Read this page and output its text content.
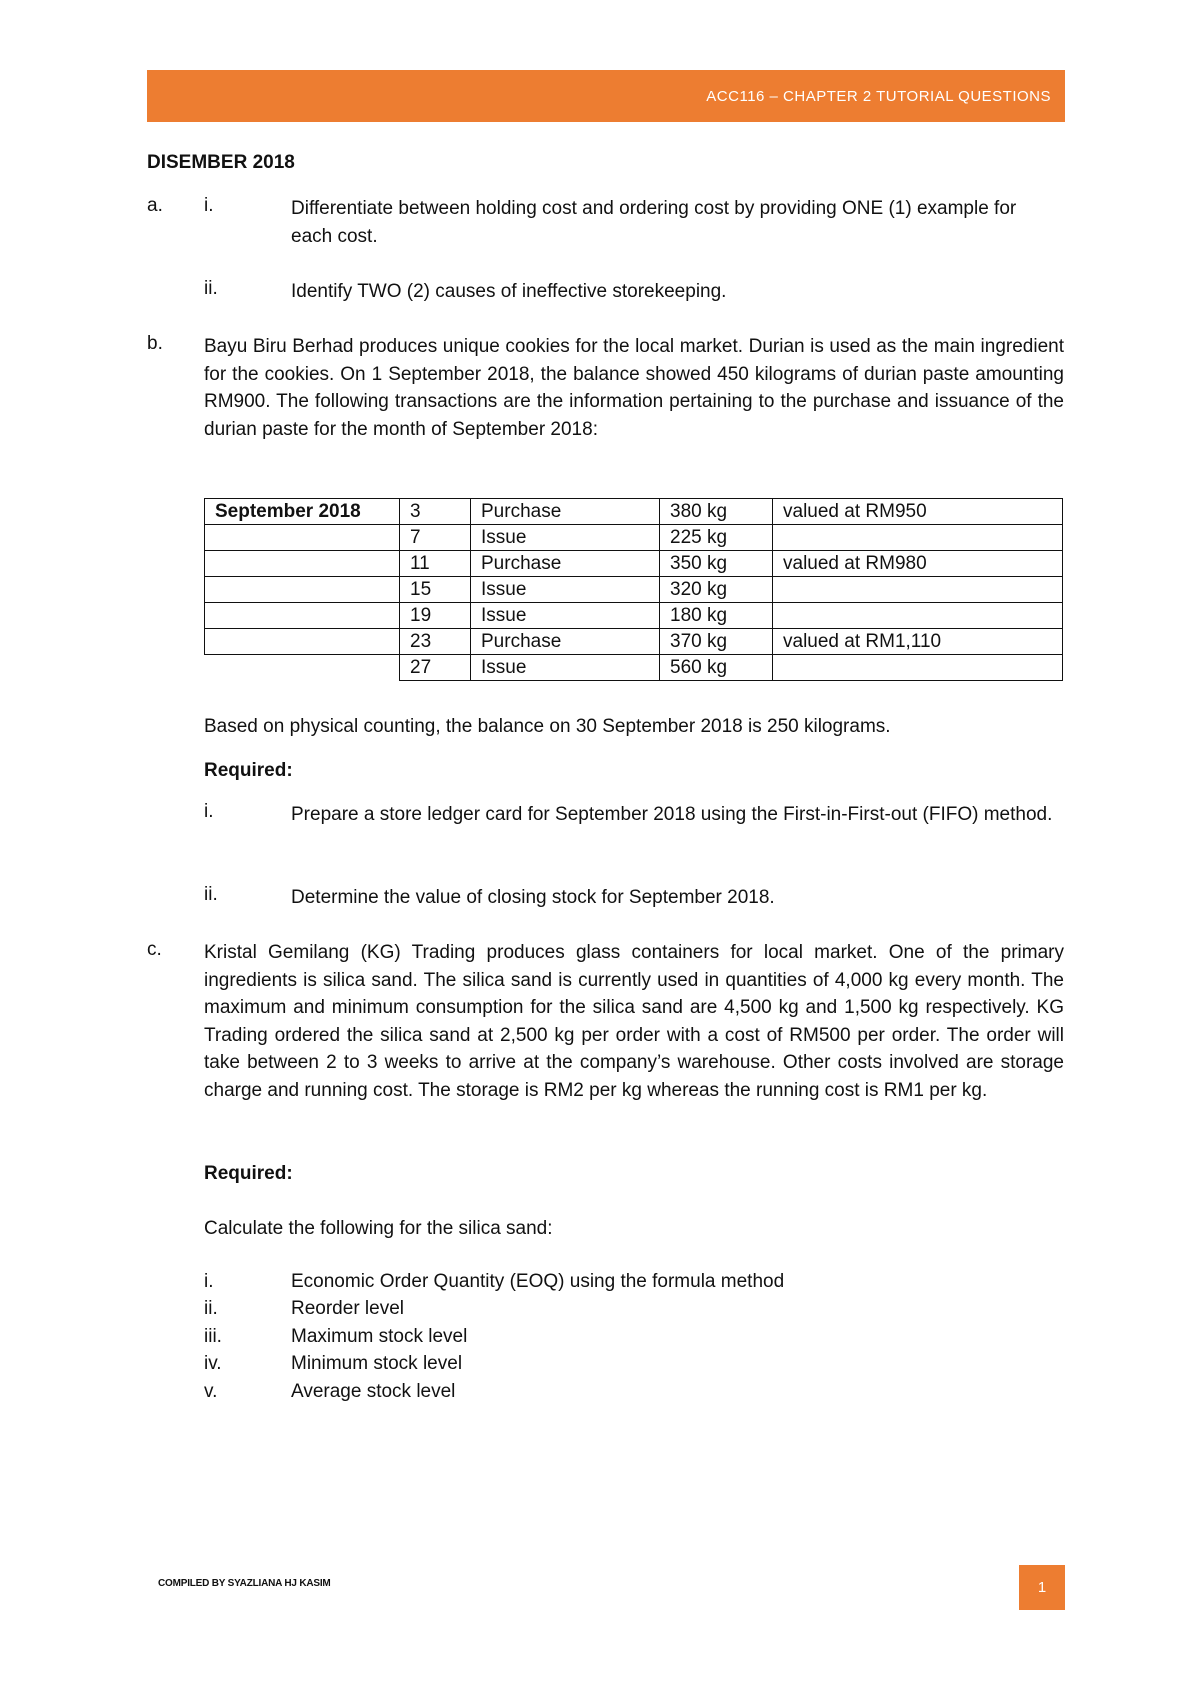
ACC116 – CHAPTER 2 TUTORIAL QUESTIONS
DISEMBER 2018
a. i.	Differentiate between holding cost and ordering cost by providing ONE (1) example for each cost.
ii.	Identify TWO (2) causes of ineffective storekeeping.
b. Bayu Biru Berhad produces unique cookies for the local market. Durian is used as the main ingredient for the cookies. On 1 September 2018, the balance showed 450 kilograms of durian paste amounting RM900. The following transactions are the information pertaining to the purchase and issuance of the durian paste for the month of September 2018:
September 2018	3	Purchase	380 kg	valued at RM950
	7	Issue	225 kg	
	11	Purchase	350 kg	valued at RM980
	15	Issue	320 kg	
	19	Issue	180 kg	
	23	Purchase	370 kg	valued at RM1,110
	27	Issue	560 kg	
Based on physical counting, the balance on 30 September 2018 is 250 kilograms.
Required:
i.	Prepare a store ledger card for September 2018 using the First-in-First-out (FIFO) method.
ii.	Determine the value of closing stock for September 2018.
c. Kristal Gemilang (KG) Trading produces glass containers for local market. One of the primary ingredients is silica sand. The silica sand is currently used in quantities of 4,000 kg every month. The maximum and minimum consumption for the silica sand are 4,500 kg and 1,500 kg respectively. KG Trading ordered the silica sand at 2,500 kg per order with a cost of RM500 per order. The order will take between 2 to 3 weeks to arrive at the company’s warehouse. Other costs involved are storage charge and running cost. The storage is RM2 per kg whereas the running cost is RM1 per kg.
Required:
Calculate the following for the silica sand:
i.	Economic Order Quantity (EOQ) using the formula method
ii.	Reorder level
iii.	Maximum stock level
iv.	Minimum stock level
v.	Average stock level
COMPILED BY SYAZLIANA HJ KASIM	1
